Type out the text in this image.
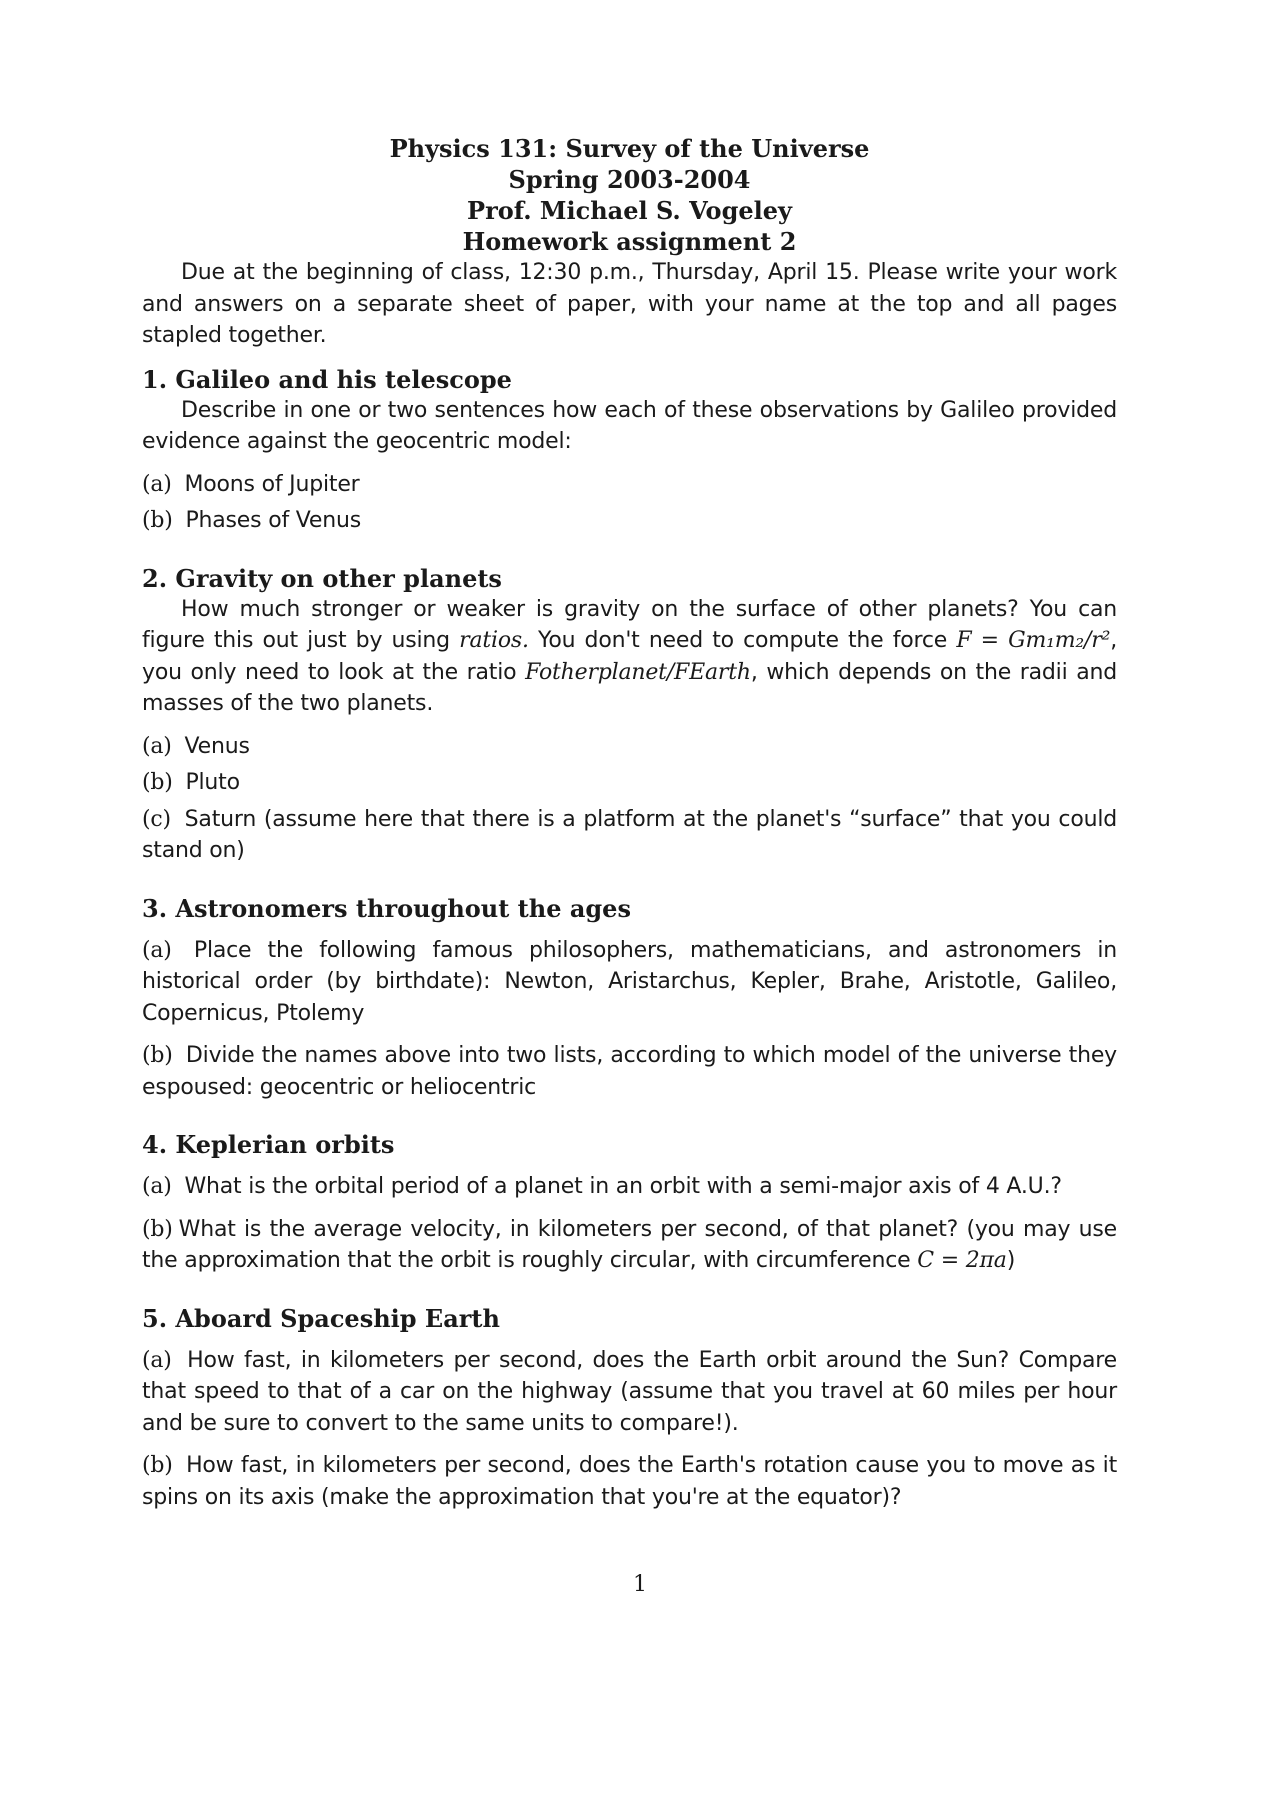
Physics 131: Survey of the Universe
Spring 2003-2004
Prof. Michael S. Vogeley
Homework assignment 2
Due at the beginning of class, 12:30 p.m., Thursday, April 15. Please write your work and answers on a separate sheet of paper, with your name at the top and all pages stapled together.
1. Galileo and his telescope
Describe in one or two sentences how each of these observations by Galileo provided evidence against the geocentric model:
(a) Moons of Jupiter
(b) Phases of Venus
2. Gravity on other planets
How much stronger or weaker is gravity on the surface of other planets? You can figure this out just by using ratios. You don't need to compute the force F = Gm₁m₂/r², you only need to look at the ratio Fotherplanet/FEarth, which depends on the radii and masses of the two planets.
(a) Venus
(b) Pluto
(c) Saturn (assume here that there is a platform at the planet's “surface” that you could stand on)
3. Astronomers throughout the ages
(a) Place the following famous philosophers, mathematicians, and astronomers in historical order (by birthdate): Newton, Aristarchus, Kepler, Brahe, Aristotle, Galileo, Copernicus, Ptolemy
(b) Divide the names above into two lists, according to which model of the universe they espoused: geocentric or heliocentric
4. Keplerian orbits
(a) What is the orbital period of a planet in an orbit with a semi-major axis of 4 A.U.?
(b) What is the average velocity, in kilometers per second, of that planet? (you may use the approximation that the orbit is roughly circular, with circumference C = 2πa)
5. Aboard Spaceship Earth
(a) How fast, in kilometers per second, does the Earth orbit around the Sun? Compare that speed to that of a car on the highway (assume that you travel at 60 miles per hour and be sure to convert to the same units to compare!).
(b) How fast, in kilometers per second, does the Earth's rotation cause you to move as it spins on its axis (make the approximation that you're at the equator)?
1
